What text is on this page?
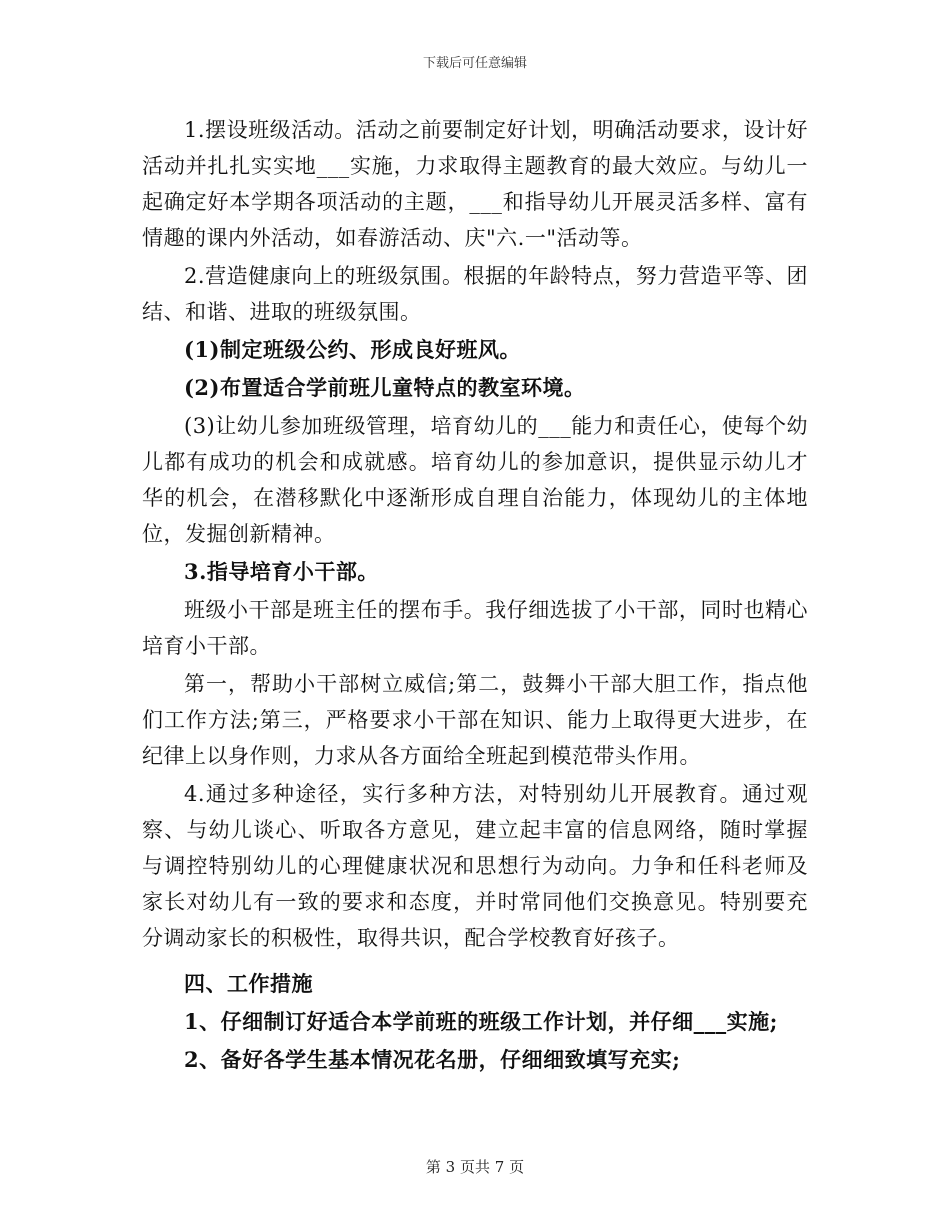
下载后可任意编辑

1.摆设班级活动。活动之前要制定好计划，明确活动要求，设计好活动并扎扎实实地___实施，力求取得主题教育的最大效应。与幼儿一起确定好本学期各项活动的主题，___和指导幼儿开展灵活多样、富有情趣的课内外活动，如春游活动、庆"六.一"活动等。

2.营造健康向上的班级氛围。根据的年龄特点，努力营造平等、团结、和谐、进取的班级氛围。

(1)制定班级公约、形成良好班风。

(2)布置适合学前班儿童特点的教室环境。

(3)让幼儿参加班级管理，培育幼儿的___能力和责任心，使每个幼儿都有成功的机会和成就感。培育幼儿的参加意识，提供显示幼儿才华的机会，在潜移默化中逐渐形成自理自治能力，体现幼儿的主体地位，发掘创新精神。

3.指导培育小干部。

班级小干部是班主任的摆布手。我仔细选拔了小干部，同时也精心培育小干部。

第一，帮助小干部树立威信;第二，鼓舞小干部大胆工作，指点他们工作方法;第三，严格要求小干部在知识、能力上取得更大进步，在纪律上以身作则，力求从各方面给全班起到模范带头作用。

4.通过多种途径，实行多种方法，对特别幼儿开展教育。通过观察、与幼儿谈心、听取各方意见，建立起丰富的信息网络，随时掌握与调控特别幼儿的心理健康状况和思想行为动向。力争和任科老师及家长对幼儿有一致的要求和态度，并时常同他们交换意见。特别要充分调动家长的积极性，取得共识，配合学校教育好孩子。

四、工作措施

1、仔细制订好适合本学前班的班级工作计划，并仔细___实施;

2、备好各学生基本情况花名册，仔细细致填写充实;

第 3 页共 7 页
